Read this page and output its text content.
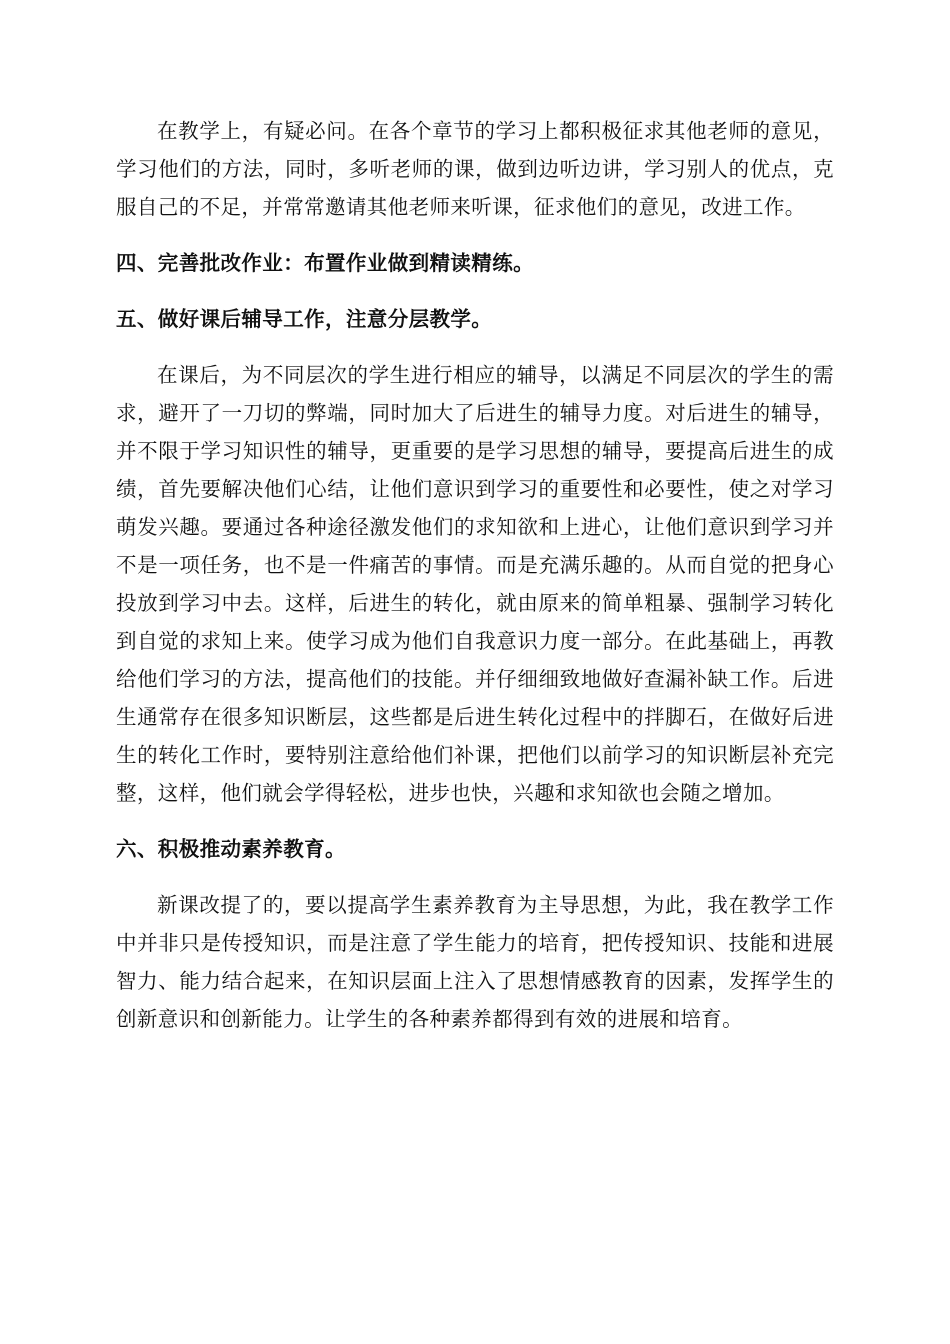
在教学上，有疑必问。在各个章节的学习上都积极征求其他老师的意见，学习他们的方法，同时，多听老师的课，做到边听边讲，学习别人的优点，克服自己的不足，并常常邀请其他老师来听课，征求他们的意见，改进工作。

四、完善批改作业：布置作业做到精读精练。

五、做好课后辅导工作，注意分层教学。

在课后，为不同层次的学生进行相应的辅导，以满足不同层次的学生的需求，避开了一刀切的弊端，同时加大了后进生的辅导力度。对后进生的辅导，并不限于学习知识性的辅导，更重要的是学习思想的辅导，要提高后进生的成绩，首先要解决他们心结，让他们意识到学习的重要性和必要性，使之对学习萌发兴趣。要通过各种途径激发他们的求知欲和上进心，让他们意识到学习并不是一项任务，也不是一件痛苦的事情。而是充满乐趣的。从而自觉的把身心投放到学习中去。这样，后进生的转化，就由原来的简单粗暴、强制学习转化到自觉的求知上来。使学习成为他们自我意识力度一部分。在此基础上，再教给他们学习的方法，提高他们的技能。并仔细细致地做好查漏补缺工作。后进生通常存在很多知识断层，这些都是后进生转化过程中的拌脚石，在做好后进生的转化工作时，要特别注意给他们补课，把他们以前学习的知识断层补充完整，这样，他们就会学得轻松，进步也快，兴趣和求知欲也会随之增加。

六、积极推动素养教育。

新课改提了的，要以提高学生素养教育为主导思想，为此，我在教学工作中并非只是传授知识，而是注意了学生能力的培育，把传授知识、技能和进展智力、能力结合起来，在知识层面上注入了思想情感教育的因素，发挥学生的创新意识和创新能力。让学生的各种素养都得到有效的进展和培育。
